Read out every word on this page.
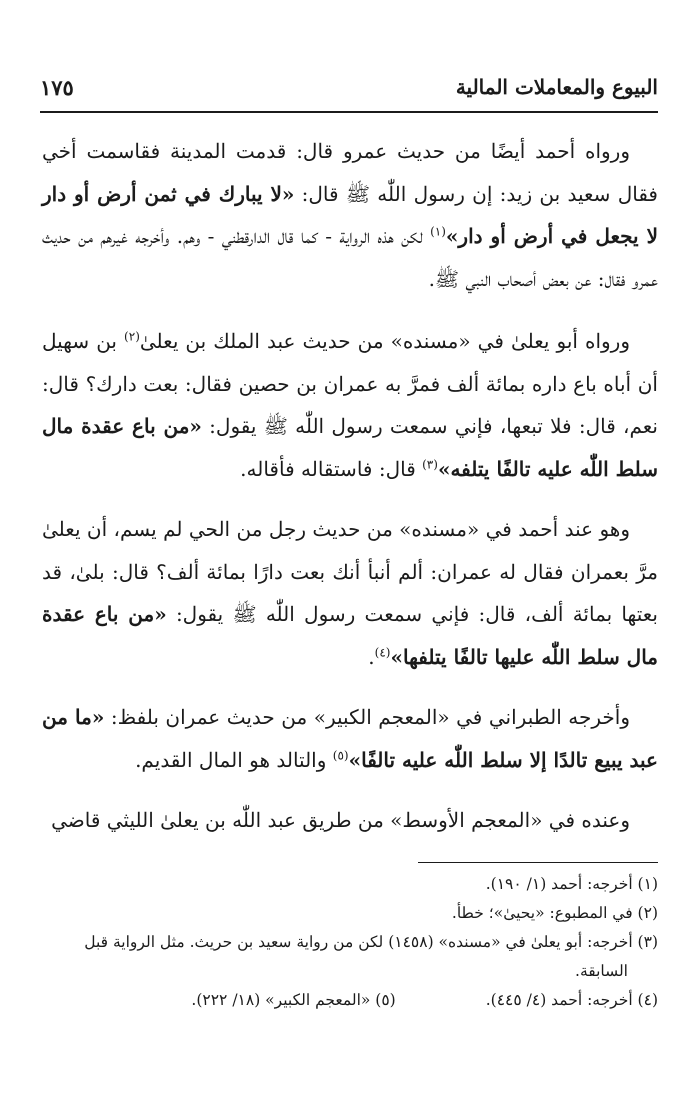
البيوع والمعاملات المالية
١٧٥

ورواه أحمد أيضًا من حديث عمرو قال: قدمت المدينة فقاسمت أخي فقال سعيد بن زيد: إن رسول اللّٰه ﷺ قال: «لا يبارك في ثمن أرض أو دار لا يجعل في أرض أو دار»$^{(١)}$ لكن هذه الرواية - كما قال الدارقطني - وهم. وأخرجه غيرهم من حديث عمرو فقال: عن بعض أصحاب النبي ﷺ.

ورواه أبو يعلىٰ في «مسنده» من حديث عبد الملك بن يعلىٰ$^{(٢)}$ بن سهيل أن أباه باع داره بمائة ألف فمرَّ به عمران بن حصين فقال: بعت دارك؟ قال: نعم، قال: فلا تبعها، فإني سمعت رسول اللّٰه ﷺ يقول: «من باع عقدة مال سلط اللّٰه عليه تالفًا يتلفه»$^{(٣)}$ قال: فاستقاله فأقاله.

وهو عند أحمد في «مسنده» من حديث رجل من الحي لم يسم، أن يعلىٰ مرَّ بعمران فقال له عمران: ألم أنبأ أنك بعت دارًا بمائة ألف؟ قال: بلىٰ، قد بعتها بمائة ألف، قال: فإني سمعت رسول اللّٰه ﷺ يقول: «من باع عقدة مال سلط اللّٰه عليها تالفًا يتلفها»$^{(٤)}$.

وأخرجه الطبراني في «المعجم الكبير» من حديث عمران بلفظ: «ما من عبد يبيع تالدًا إلا سلط اللّٰه عليه تالفًا»$^{(٥)}$ والتالد هو المال القديم.

وعنده في «المعجم الأوسط» من طريق عبد اللّٰه بن يعلىٰ الليثي قاضي

(١) أخرجه: أحمد (١/ ١٩٠).

(٢) في المطبوع: «يحيىٰ»؛ خطأ.

(٣) أخرجه: أبو يعلىٰ في «مسنده» (١٤٥٨) لكن من رواية سعيد بن حريث. مثل الرواية قبل السابقة.

(٤) أخرجه: أحمد (٤/ ٤٤٥).
(٥) «المعجم الكبير» (١٨/ ٢٢٢).
